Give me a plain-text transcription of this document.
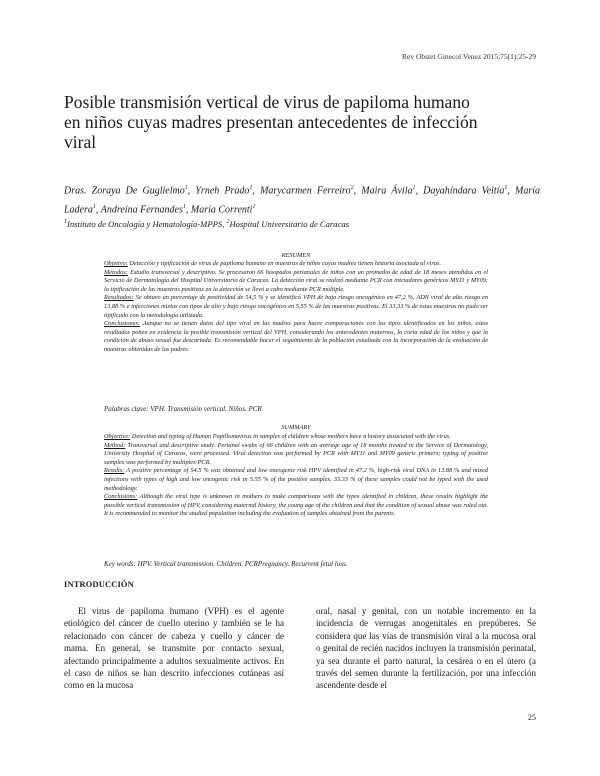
Rev Obstet Ginecol Venez 2015;75(1):25-29
Posible transmisión vertical de virus de papiloma humano
en niños cuyas madres presentan antecedentes de infección
viral
Dras. Zoraya De Guglielmo$^1$, Yrneh Prado$^1$, Marycarmen Ferreiro$^2$, Maira Ávila$^1$, Dayahíndara Veitía$^1$, María Ladera$^1$, Andreína Fernandes$^1$, María Correnti$^1$
$^1$Instituto de Oncología y Hematología-MPPS, $^2$Hospital Universitario de Caracas
RESUMEN
Objetivo: Detección y tipificación de virus de papiloma humano en muestras de niños cuyas madres tienen historia asociada al virus.
Métodos: Estudio transversal y descriptivo. Se procesaron 66 hisopados perianales de niños con un promedio de edad de 18 meses atendidos en el Servicio de Dermatología del Hospital Universitario de Caracas. La detección viral se realizó mediante PCR con iniciadores genéricos MY11 y MY09; la tipificación de las muestras positivas en la detección se llevó a cabo mediante PCR múltiple.
Resultados: Se obtuvo un porcentaje de positividad de 54,5 % y se identificó VPH de bajo riesgo oncogénico en 47,2 %, ADN viral de alto riesgo en 13,88 % e infecciones mixtas con tipos de alto y bajo riesgo oncogénico en 5,55 % de las muestras positivas. El 33,33 % de estas muestras no pudo ser tipificado con la metodología utilizada.
Conclusiones: Aunque no se tienen datos del tipo viral en las madres para hacer comparaciones con los tipos identificados en los niños, estos resultados ponen en evidencia la posible transmisión vertical del VPH, considerando los antecedentes maternos, la corta edad de los niños y que la condición de abuso sexual fue descartada. Es recomendable hacer el seguimiento de la población estudiada con la incorporación de la evaluación de muestras obtenidas de los padres.
Palabras clave: VPH. Transmisión vertical. Niños. PCR
SUMMARY
Objective: Detection and typing of Human Papillomavirus in samples of children whose mothers have a history associated with the virus.
Method: Transversal and descriptive study. Perianal swabs of 66 children with an average age of 18 months treated in the Service of Dermatology, University Hospital of Caracas, were processed. Viral detection was performed by PCR with MY11 and MY09 generic primers; typing of positive samples was performed by multiplex PCR.
Results: A positive percentage of 54.5 % was obtained and low oncogenic risk HPV identified in 47.2 %, high-risk viral DNA in 13.88 % and mixed infections with types of high and low oncogenic risk in 5.55 % of the positive samples. 33.33 % of these samples could not be typed with the used methodology.
Conclusions: Although the viral type is unknown in mothers to make comparisons with the types identified in children, these results highlight the possible vertical transmission of HPV, considering maternal history, the young age of the children and that the condition of sexual abuse was ruled out. It is recommended to monitor the studied population including the evaluation of samples obtained from the parents.
Key words: HPV. Vertical transmission. Children. PCRPregnancy. Recurrent fetal loss.
INTRODUCCIÓN

El virus de papiloma humano (VPH) es el agente etiológico del cáncer de cuello uterino y también se le ha relacionado con cáncer de cabeza y cuello y cáncer de mama. En general, se transmite por contacto sexual, afectando principalmente a adultos sexualmente activos. En el caso de niños se han descrito infecciones cutáneas así como en la mucosa

oral, nasal y genital, con un notable incremento en la incidencia de verrugas anogenitales en prepúberes. Se considera que las vías de transmisión viral a la mucosa oral o genital de recién nacidos incluyen la transmisión perinatal, ya sea durante el parto natural, la cesárea o en el útero (a través del semen durante la fertilización, por una infección ascendente desde el

25
